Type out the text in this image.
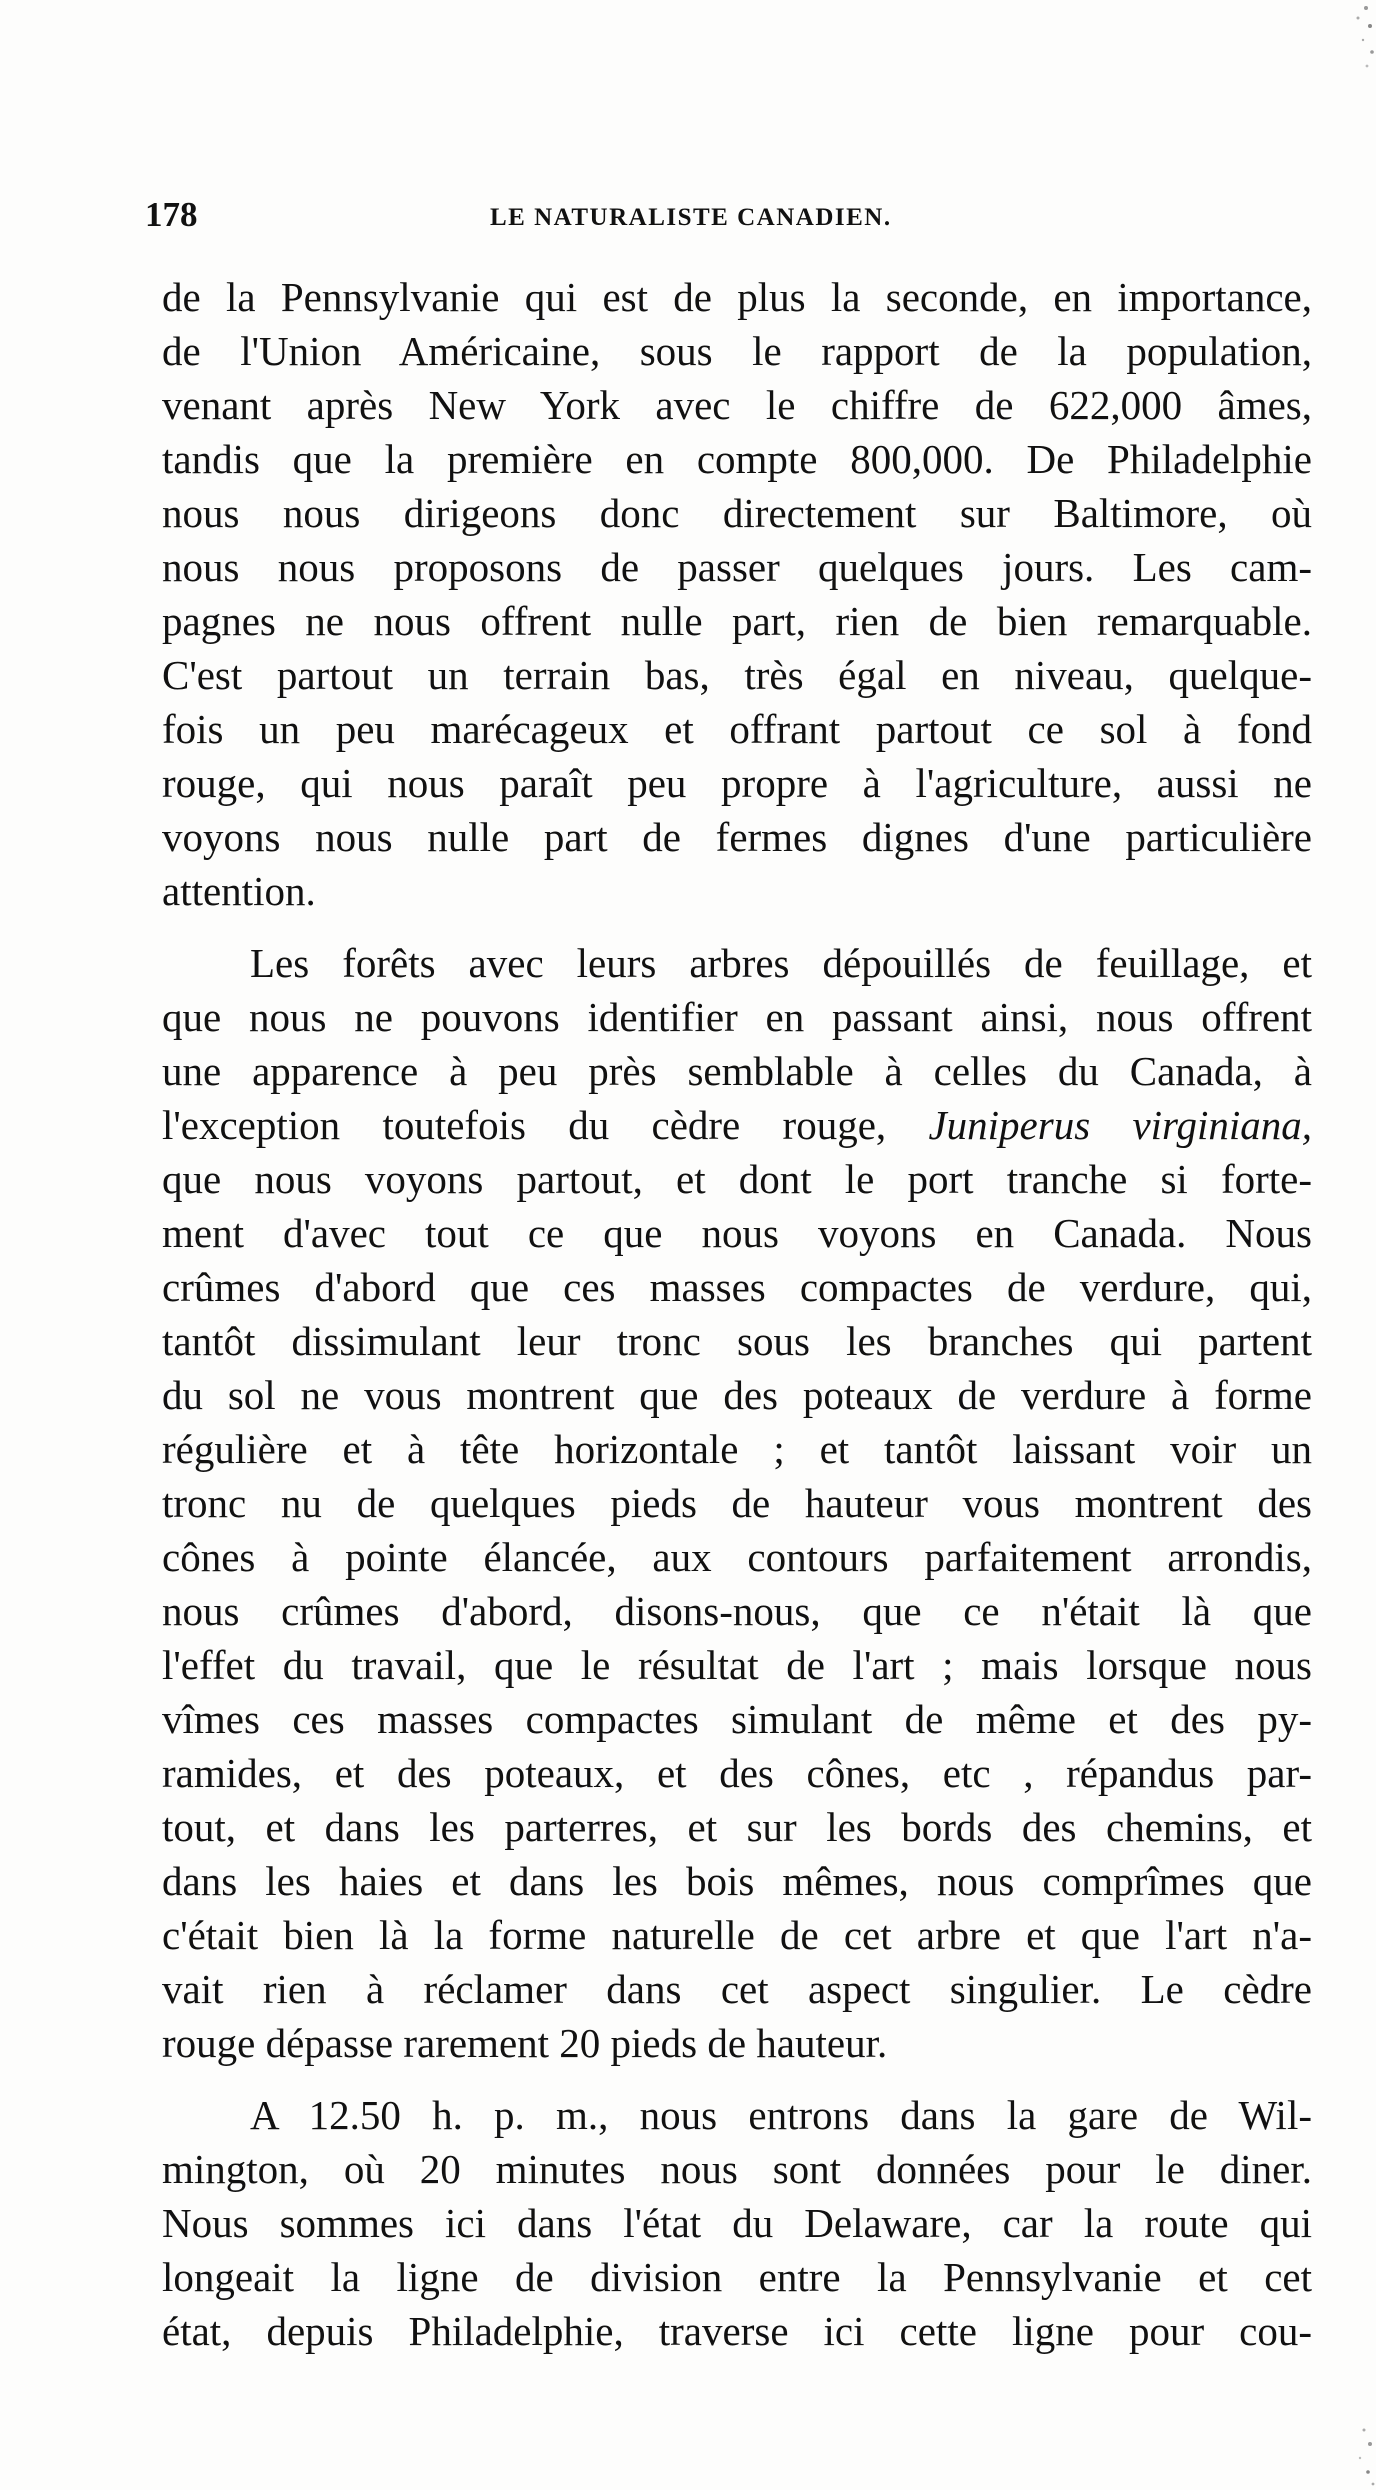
178	LE NATURALISTE CANADIEN.
de la Pennsylvanie qui est de plus la seconde, en importance,
de l'Union Américaine, sous le rapport de la population,
venant après New York avec le chiffre de 622,000 âmes,
tandis que la première en compte 800,000. De Philadelphie
nous nous dirigeons donc directement sur Baltimore, où
nous nous proposons de passer quelques jours. Les cam-
pagnes ne nous offrent nulle part, rien de bien remarquable.
C'est partout un terrain bas, très égal en niveau, quelque-
fois un peu marécageux et offrant partout ce sol à fond
rouge, qui nous paraît peu propre à l'agriculture, aussi ne
voyons nous nulle part de fermes dignes d'une particulière
attention.
Les forêts avec leurs arbres dépouillés de feuillage, et
que nous ne pouvons identifier en passant ainsi, nous offrent
une apparence à peu près semblable à celles du Canada, à
l'exception toutefois du cèdre rouge, Juniperus virginiana,
que nous voyons partout, et dont le port tranche si forte-
ment d'avec tout ce que nous voyons en Canada. Nous
crûmes d'abord que ces masses compactes de verdure, qui,
tantôt dissimulant leur tronc sous les branches qui partent
du sol ne vous montrent que des poteaux de verdure à forme
régulière et à tête horizontale ; et tantôt laissant voir un
tronc nu de quelques pieds de hauteur vous montrent des
cônes à pointe élancée, aux contours parfaitement arrondis,
nous crûmes d'abord, disons-nous, que ce n'était là que
l'effet du travail, que le résultat de l'art ; mais lorsque nous
vîmes ces masses compactes simulant de même et des py-
ramides, et des poteaux, et des cônes, etc , répandus par-
tout, et dans les parterres, et sur les bords des chemins, et
dans les haies et dans les bois mêmes, nous comprîmes que
c'était bien là la forme naturelle de cet arbre et que l'art n'a-
vait rien à réclamer dans cet aspect singulier. Le cèdre
rouge dépasse rarement 20 pieds de hauteur.
A 12.50 h. p. m., nous entrons dans la gare de Wil-
mington, où 20 minutes nous sont données pour le diner.
Nous sommes ici dans l'état du Delaware, car la route qui
longeait la ligne de division entre la Pennsylvanie et cet
état, depuis Philadelphie, traverse ici cette ligne pour cou-
